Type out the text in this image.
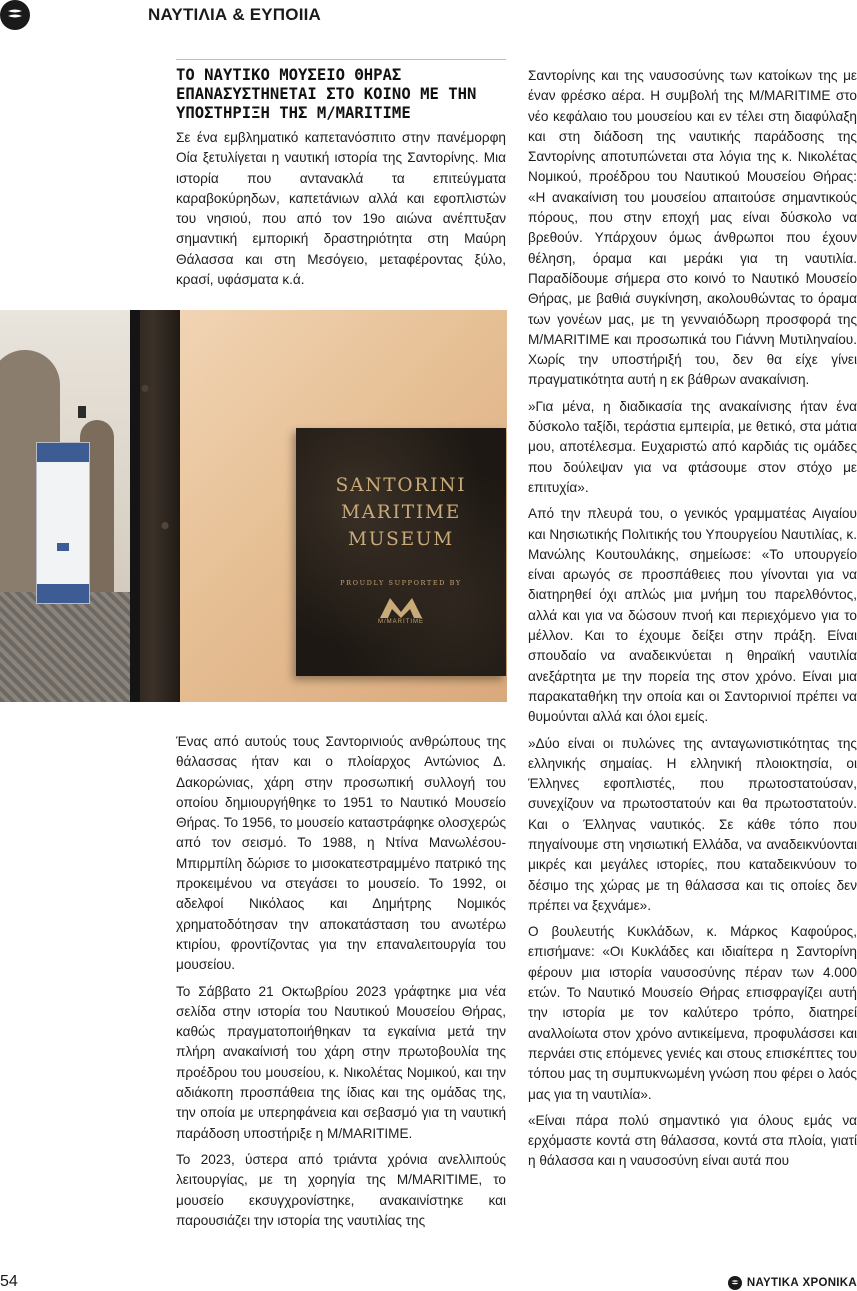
ΝΑΥΤΙΛΙΑ & ΕΥΠΟΙΙΑ
ΤΟ ΝΑΥΤΙΚΟ ΜΟΥΣΕΙΟ ΘΗΡΑΣ ΕΠΑΝΑΣΥΣΤΗΝΕΤΑΙ ΣΤΟ ΚΟΙΝΟ ΜΕ ΤΗΝ ΥΠΟΣΤΗΡΙΞΗ ΤΗΣ M/MARITIME

Σε ένα εμβληματικό καπετανόσπιτο στην πανέμορφη Οία ξετυλίγεται η ναυτική ιστορία της Σαντορίνης. Μια ιστορία που αντανακλά τα επιτεύγματα καραβοκύρηδων, καπετάνιων αλλά και εφοπλιστών του νησιού, που από τον 19ο αιώνα ανέπτυξαν σημαντική εμπορική δραστηριότητα στη Μαύρη Θάλασσα και στη Μεσόγειο, μεταφέροντας ξύλο, κρασί, υφάσματα κ.ά.

SANTORINI
MARITIME
MUSEUM
PROUDLY SUPPORTED BY
M/MARITIME

Ένας από αυτούς τους Σαντορινιούς ανθρώπους της θάλασσας ήταν και ο πλοίαρχος Αντώνιος Δ. Δακορώνιας, χάρη στην προσωπική συλλογή του οποίου δημιουργήθηκε το 1951 το Ναυτικό Μουσείο Θήρας. Το 1956, το μουσείο καταστράφηκε ολοσχερώς από τον σεισμό. Το 1988, η Ντίνα Μανωλέσου-Μπιρμπίλη δώρισε το μισοκατεστραμμένο πατρικό της προκειμένου να στεγάσει το μουσείο. Το 1992, οι αδελφοί Νικόλαος και Δημήτρης Νομικός χρηματοδότησαν την αποκατάσταση του ανωτέρω κτιρίου, φροντίζοντας για την επαναλειτουργία του μουσείου.

Το Σάββατο 21 Οκτωβρίου 2023 γράφτηκε μια νέα σελίδα στην ιστορία του Ναυτικού Μουσείου Θήρας, καθώς πραγματοποιήθηκαν τα εγκαίνια μετά την πλήρη ανακαίνισή του χάρη στην πρωτοβουλία της προέδρου του μουσείου, κ. Νικολέτας Νομικού, και την αδιάκοπη προσπάθεια της ίδιας και της ομάδας της, την οποία με υπερηφάνεια και σεβασμό για τη ναυτική παράδοση υποστήριξε η M/MARITIME.

Το 2023, ύστερα από τριάντα χρόνια ανελλιπούς λειτουργίας, με τη χορηγία της M/MARITIME, το μουσείο εκσυγχρονίστηκε, ανακαινίστηκε και παρουσιάζει την ιστορία της ναυτιλίας της

Σαντορίνης και της ναυσοσύνης των κατοίκων της με έναν φρέσκο αέρα. Η συμβολή της M/MARITIME στο νέο κεφάλαιο του μουσείου και εν τέλει στη διαφύλαξη και στη διάδοση της ναυτικής παράδοσης της Σαντορίνης αποτυπώνεται στα λόγια της κ. Νικολέτας Νομικού, προέδρου του Ναυτικού Μουσείου Θήρας: «Η ανακαίνιση του μουσείου απαιτούσε σημαντικούς πόρους, που στην εποχή μας είναι δύσκολο να βρεθούν. Υπάρχουν όμως άνθρωποι που έχουν θέληση, όραμα και μεράκι για τη ναυτιλία. Παραδίδουμε σήμερα στο κοινό το Ναυτικό Μουσείο Θήρας, με βαθιά συγκίνηση, ακολουθώντας το όραμα των γονέων μας, με τη γενναιόδωρη προσφορά της M/MARITIME και προσωπικά του Γιάννη Μυτιληναίου. Χωρίς την υποστήριξή του, δεν θα είχε γίνει πραγματικότητα αυτή η εκ βάθρων ανακαίνιση.

»Για μένα, η διαδικασία της ανακαίνισης ήταν ένα δύσκολο ταξίδι, τεράστια εμπειρία, με θετικό, στα μάτια μου, αποτέλεσμα. Ευχαριστώ από καρδιάς τις ομάδες που δούλεψαν για να φτάσουμε στον στόχο με επιτυχία».

Από την πλευρά του, ο γενικός γραμματέας Αιγαίου και Νησιωτικής Πολιτικής του Υπουργείου Ναυτιλίας, κ. Μανώλης Κουτουλάκης, σημείωσε: «Το υπουργείο είναι αρωγός σε προσπάθειες που γίνονται για να διατηρηθεί όχι απλώς μια μνήμη του παρελθόντος, αλλά και για να δώσουν πνοή και περιεχόμενο για το μέλλον. Και το έχουμε δείξει στην πράξη. Είναι σπουδαίο να αναδεικνύεται η θηραϊκή ναυτιλία ανεξάρτητα με την πορεία της στον χρόνο. Είναι μια παρακαταθήκη την οποία και οι Σαντορινιοί πρέπει να θυμούνται αλλά και όλοι εμείς.

»Δύο είναι οι πυλώνες της ανταγωνιστικότητας της ελληνικής σημαίας. Η ελληνική πλοιοκτησία, οι Έλληνες εφοπλιστές, που πρωτοστατούσαν, συνεχίζουν να πρωτοστατούν και θα πρωτοστατούν. Και ο Έλληνας ναυτικός. Σε κάθε τόπο που πηγαίνουμε στη νησιωτική Ελλάδα, να αναδεικνύονται μικρές και μεγάλες ιστορίες, που καταδεικνύουν το δέσιμο της χώρας με τη θάλασσα και τις οποίες δεν πρέπει να ξεχνάμε».

Ο βουλευτής Κυκλάδων, κ. Μάρκος Καφούρος, επισήμανε: «Οι Κυκλάδες και ιδιαίτερα η Σαντορίνη φέρουν μια ιστορία ναυσοσύνης πέραν των 4.000 ετών. Το Ναυτικό Μουσείο Θήρας επισφραγίζει αυτή την ιστορία με τον καλύτερο τρόπο, διατηρεί αναλλοίωτα στον χρόνο αντικείμενα, προφυλάσσει και περνάει στις επόμενες γενιές και στους επισκέπτες του τόπου μας τη συμπυκνωμένη γνώση που φέρει ο λαός μας για τη ναυτιλία».

«Είναι πάρα πολύ σημαντικό για όλους εμάς να ερχόμαστε κοντά στη θάλασσα, κοντά στα πλοία, γιατί η θάλασσα και η ναυσοσύνη είναι αυτά που

54	ΝΑΥΤΙΚΑ ΧΡΟΝΙΚΑ
